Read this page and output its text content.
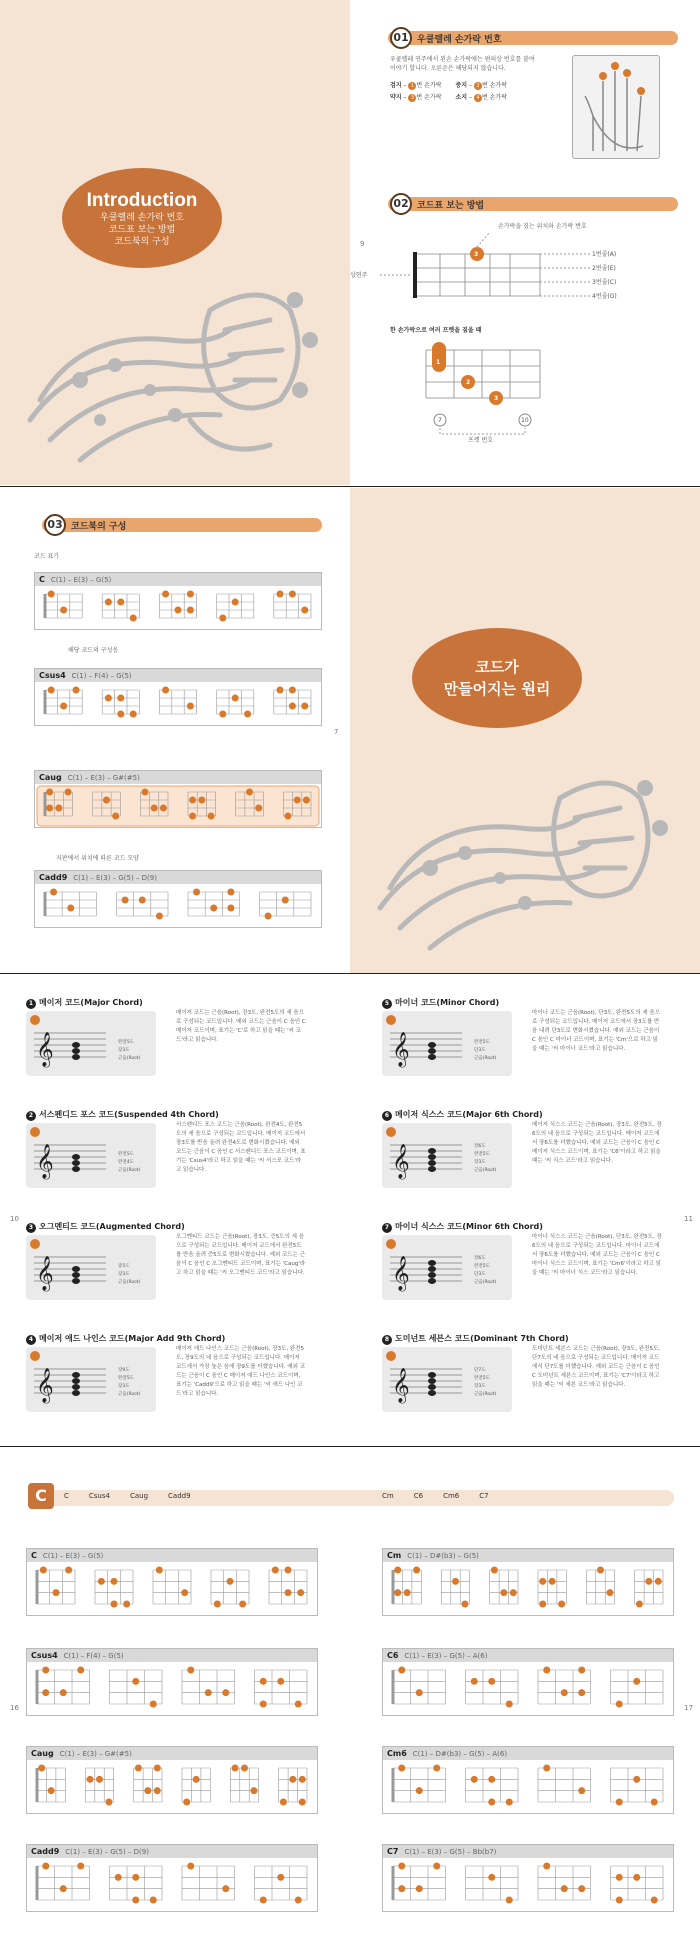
Introduction
우쿨렐레 손가락 번호
코드표 보는 방법
코드북의 구성	9
01 우쿨렐레 손가락 번호
우쿨렐레 연주에서 왼손 손가락에는 편의상 번호를 붙여 이야기 합니다. 오른손은 해당되지 않습니다.
검지 – 1 번 손가락 중지 – 2 번 손가락
약지 – 3 번 손가락 소지 – 4 번 손가락
02 코드표 보는 방법
손가락을 짚는 위치와 손가락 번호
3
상현주
1번줄(A)
2번줄(E)
3번줄(C)
4번줄(G)
한 손가락으로 여러 프렛을 짚을 때
1
2
3
7	10
프렛 번호
03 코드북의 구성
코드 표기
C C(1) – E(3) – G(5)
해당 코드의 구성음
Csus4 C(1) – F(4) – G(5)
Caug C(1) – E(3) – G#(#5)
지판에서 위치에 따른 코드 모양
Cadd9 C(1) – E(3) – G(5) – D(9)
7
코드가
만들어지는 원리
10	11
1 메이저 코드(Major Chord)
𝄞	근음(Root)
장3도
완전5도
메이저 코드는 근음(Root), 장3도, 완전5도의 세 음으로 구성되는 코드입니다. 예외 코드는 근음이 C 음인 C 메이저 코드이며, 표기는 'C'로 하고 읽을 때는 '씨 코드'라고 읽습니다.
2 서스펜디드 포스 코드(Suspended 4th Chord)
𝄞	근음(Root)
완전4도
완전5도
서스펜디드 포스 코드는 근음(Root), 완전4도, 완전5도의 세 음으로 구성되는 코드입니다. 메이저 코드에서 장3도를 반음 올려 완전4도로 변화시켰습니다. 예외 코드는 근음이 C 음인 C 서스펜디드 포스 코드이며, 표기는 'Csus4'라고 하고 읽을 때는 '씨 서스포 코드'라고 읽습니다.
3 오그멘티드 코드(Augmented Chord)
𝄞	근음(Root)
장3도
증5도
오그멘티드 코드는 근음(Root), 장3도, 증5도의 세 음으로 구성되는 코드입니다. 메이저 코드에서 완전5도를 반음 올려 증5도로 변화시켰습니다. 예외 코드는 근음이 C 음인 C 오그멘티드 코드이며, 표기는 'Caug'라고 하고 읽을 때는 '씨 오그멘티드 코드'라고 읽습니다.
4 메이저 애드 나인스 코드(Major Add 9th Chord)
𝄞	근음(Root)
장3도
완전5도
장9도
메이저 애드 나인스 코드는 근음(Root), 장3도, 완전5도, 장9도의 네 음으로 구성되는 코드입니다. 메이저 코드에서 가장 높은 음에 장9도를 더했습니다. 예외 코드는 근음이 C 음인 C 메이저 애드 나인스 코드이며, 표기는 'Cadd9'으로 하고 읽을 때는 '씨 애드 나인 코드'라고 읽습니다.
5 마이너 코드(Minor Chord)
𝄞	근음(Root)
단3도
완전5도
마이너 코드는 근음(Root), 단3도, 완전5도의 세 음으로 구성되는 코드입니다. 메이저 코드에서 장3도를 반음 내려 단3도로 변화시켰습니다. 예외 코드는 근음이 C 음인 C 마이너 코드이며, 표기는 'Cm'으로 하고 읽을 때는 '씨 마이너 코드'라고 읽습니다.
6 메이저 식스스 코드(Major 6th Chord)
𝄞	근음(Root)
장3도
완전5도
장6도
메이저 식스스 코드는 근음(Root), 장3도, 완전5도, 장6도의 네 음으로 구성되는 코드입니다. 메이저 코드에서 장6도를 더했습니다. 예외 코드는 근음이 C 음인 C 메이저 식스스 코드이며, 표기는 'C6'이라고 하고 읽을 때는 '씨 식스 코드'라고 읽습니다.
7 마이너 식스스 코드(Minor 6th Chord)
𝄞	근음(Root)
단3도
완전5도
장6도
마이너 식스스 코드는 근음(Root), 단3도, 완전5도, 장6도의 네 음으로 구성되는 코드입니다. 마이너 코드에서 장6도를 더했습니다. 예외 코드는 근음이 C 음인 C 마이너 식스스 코드이며, 표기는 'Cm6'이라고 하고 읽을 때는 '씨 마이너 식스 코드'라고 읽습니다.
8 도미넌트 세븐스 코드(Dominant 7th Chord)
𝄞	근음(Root)
장3도
완전5도
단7도
도미넌트 세븐스 코드는 근음(Root), 장3도, 완전5도, 단7도의 네 음으로 구성되는 코드입니다. 메이저 코드에서 단7도를 더했습니다. 예외 코드는 근음이 C 음인 C 도미넌트 세븐스 코드이며, 표기는 'C7'이라고 하고 읽을 때는 '씨 세븐 코드'라고 읽습니다.
C	C	Csus4	Caug	Cadd9	Cm	C6	Cm6	C7
16	17
C C(1) – E(3) – G(5)
Csus4 C(1) – F(4) – G(5)
Caug C(1) – E(3) – G#(#5)
Cadd9 C(1) – E(3) – G(5) – D(9)
Cm C(1) – D#(b3) – G(5)
C6 C(1) – E(3) – G(5) – A(6)
Cm6 C(1) – D#(b3) – G(5) – A(6)
C7 C(1) – E(3) – G(5) – Bb(b7)
